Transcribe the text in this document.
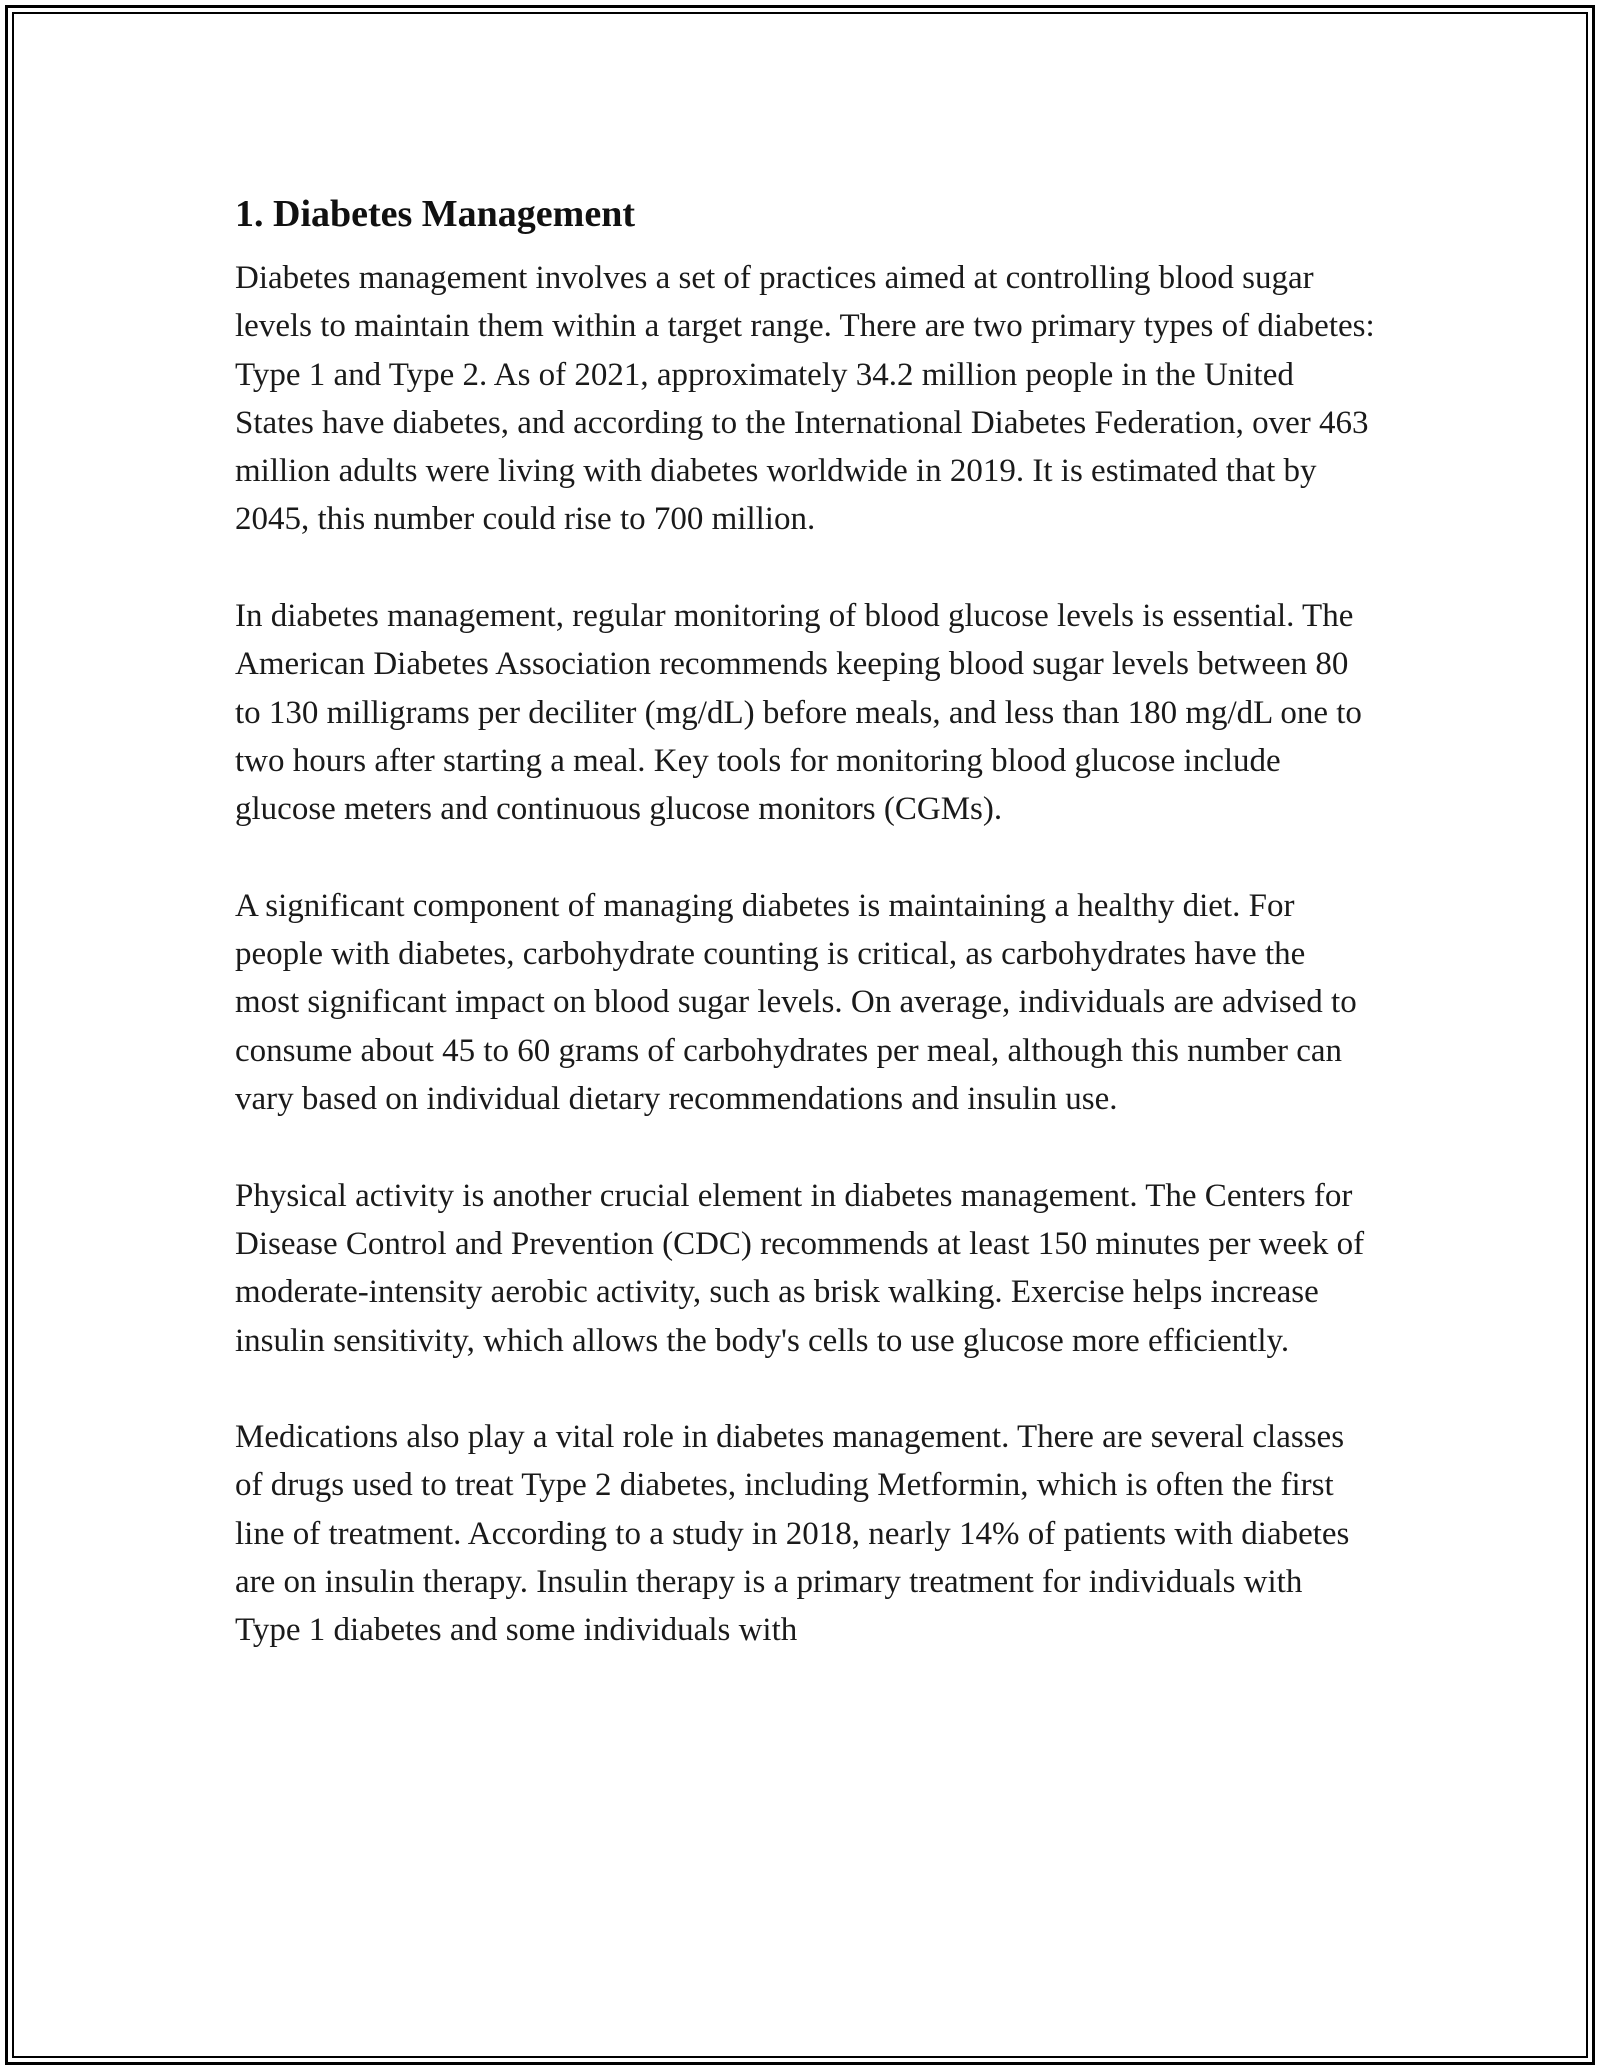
1. Diabetes Management

Diabetes management involves a set of practices aimed at controlling blood sugar levels to maintain them within a target range. There are two primary types of diabetes: Type 1 and Type 2. As of 2021, approximately 34.2 million people in the United States have diabetes, and according to the International Diabetes Federation, over 463 million adults were living with diabetes worldwide in 2019. It is estimated that by 2045, this number could rise to 700 million.

In diabetes management, regular monitoring of blood glucose levels is essential. The American Diabetes Association recommends keeping blood sugar levels between 80 to 130 milligrams per deciliter (mg/dL) before meals, and less than 180 mg/dL one to two hours after starting a meal. Key tools for monitoring blood glucose include glucose meters and continuous glucose monitors (CGMs).

A significant component of managing diabetes is maintaining a healthy diet. For people with diabetes, carbohydrate counting is critical, as carbohydrates have the most significant impact on blood sugar levels. On average, individuals are advised to consume about 45 to 60 grams of carbohydrates per meal, although this number can vary based on individual dietary recommendations and insulin use.

Physical activity is another crucial element in diabetes management. The Centers for Disease Control and Prevention (CDC) recommends at least 150 minutes per week of moderate-intensity aerobic activity, such as brisk walking. Exercise helps increase insulin sensitivity, which allows the body's cells to use glucose more efficiently.

Medications also play a vital role in diabetes management. There are several classes of drugs used to treat Type 2 diabetes, including Metformin, which is often the first line of treatment. According to a study in 2018, nearly 14% of patients with diabetes are on insulin therapy. Insulin therapy is a primary treatment for individuals with Type 1 diabetes and some individuals with
